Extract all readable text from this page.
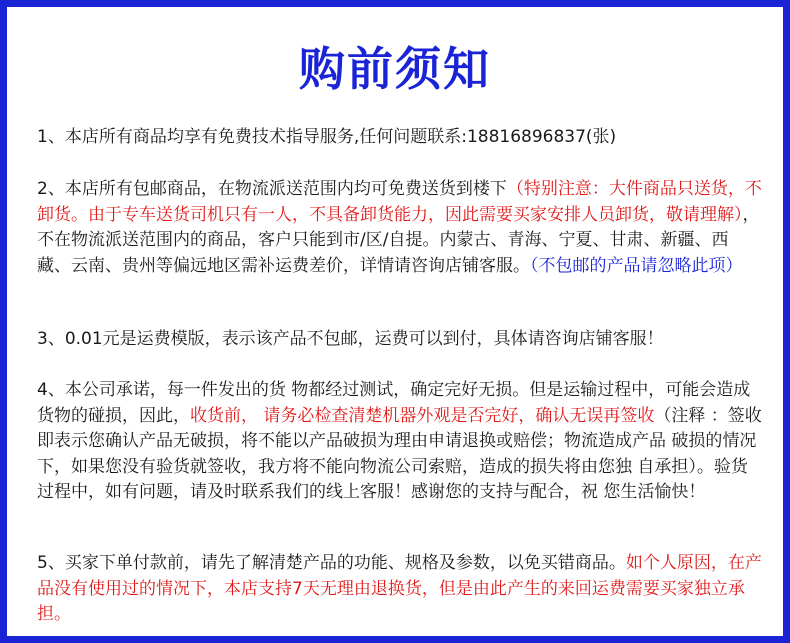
购前须知

1、本店所有商品均享有免费技术指导服务,任何问题联系:18816896837(张)

2、本店所有包邮商品，在物流派送范围内均可免费送货到楼下（特别注意：大件商品只送货，不卸货。由于专车送货司机只有一人，不具备卸货能力，因此需要买家安排人员卸货，敬请理解），不在物流派送范围内的商品，客户只能到市/区/自提。内蒙古、青海、宁夏、甘肃、新疆、西藏、云南、贵州等偏远地区需补运费差价，详情请咨询店铺客服。（不包邮的产品请忽略此项）

3、0.01元是运费模版，表示该产品不包邮，运费可以到付，具体请咨询店铺客服！

4、本公司承诺，每一件发出的货 物都经过测试，确定完好无损。但是运输过程中，可能会造成货物的碰损，因此，收货前， 请务必检查清楚机器外观是否完好，确认无误再签收（注释 ：签收即表示您确认产品无破损，将不能以产品破损为理由申请退换或赔偿；物流造成产品 破损的情况下，如果您没有验货就签收，我方将不能向物流公司索赔，造成的损失将由您独 自承担）。验货过程中，如有问题，请及时联系我们的线上客服！感谢您的支持与配合，祝 您生活愉快！

5、买家下单付款前，请先了解清楚产品的功能、规格及参数，以免买错商品。如个人原因，在产品没有使用过的情况下，本店支持7天无理由退换货，但是由此产生的来回运费需要买家独立承担。
